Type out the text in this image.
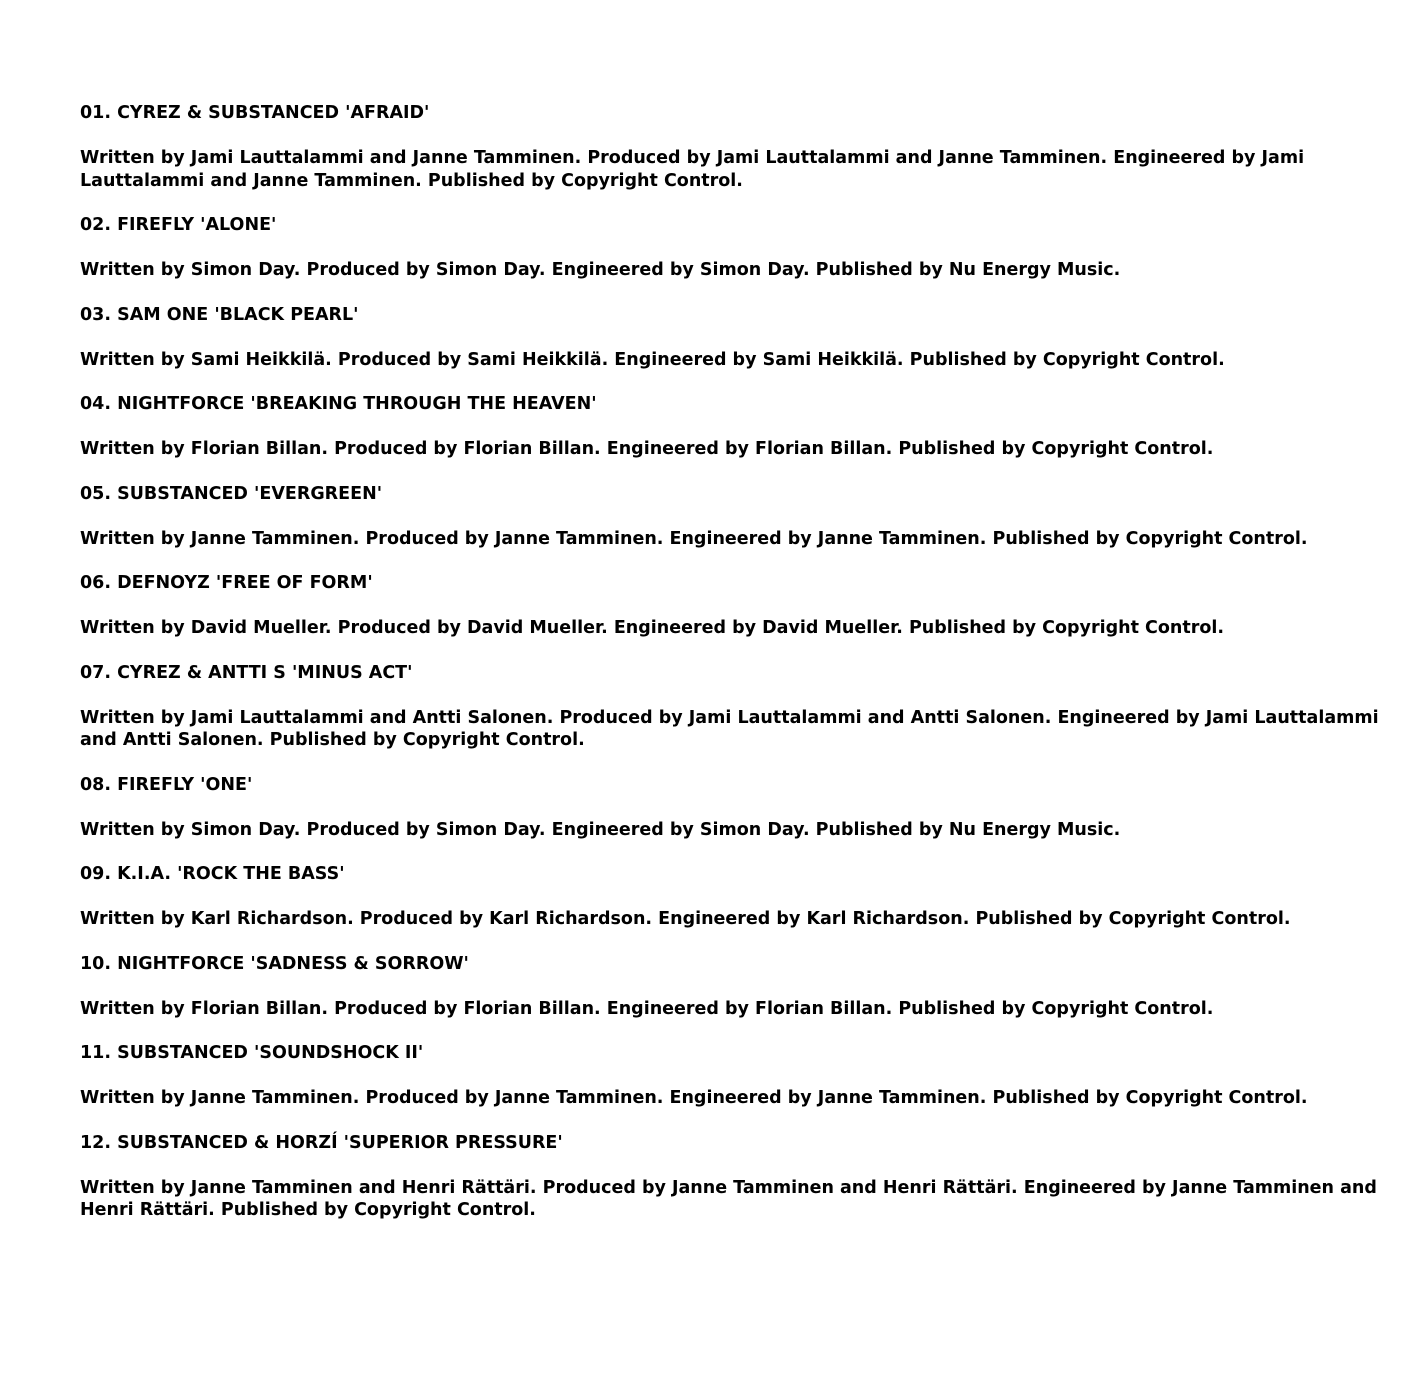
01. CYREZ & SUBSTANCED 'AFRAID'

Written by Jami Lauttalammi and Janne Tamminen. Produced by Jami Lauttalammi and Janne Tamminen. Engineered by Jami Lauttalammi and Janne Tamminen. Published by Copyright Control.

02. FIREFLY 'ALONE'

Written by Simon Day. Produced by Simon Day. Engineered by Simon Day. Published by Nu Energy Music.

03. SAM ONE 'BLACK PEARL'

Written by Sami Heikkilä. Produced by Sami Heikkilä. Engineered by Sami Heikkilä. Published by Copyright Control.

04. NIGHTFORCE 'BREAKING THROUGH THE HEAVEN'

Written by Florian Billan. Produced by Florian Billan. Engineered by Florian Billan. Published by Copyright Control.

05. SUBSTANCED 'EVERGREEN'

Written by Janne Tamminen. Produced by Janne Tamminen. Engineered by Janne Tamminen. Published by Copyright Control.

06. DEFNOYZ 'FREE OF FORM'

Written by David Mueller. Produced by David Mueller. Engineered by David Mueller. Published by Copyright Control.

07. CYREZ & ANTTI S 'MINUS ACT'

Written by Jami Lauttalammi and Antti Salonen. Produced by Jami Lauttalammi and Antti Salonen. Engineered by Jami Lauttalammi and Antti Salonen. Published by Copyright Control.

08. FIREFLY 'ONE'

Written by Simon Day. Produced by Simon Day. Engineered by Simon Day. Published by Nu Energy Music.

09. K.I.A. 'ROCK THE BASS'

Written by Karl Richardson. Produced by Karl Richardson. Engineered by Karl Richardson. Published by Copyright Control.

10. NIGHTFORCE 'SADNESS & SORROW'

Written by Florian Billan. Produced by Florian Billan. Engineered by Florian Billan. Published by Copyright Control.

11. SUBSTANCED 'SOUNDSHOCK II'

Written by Janne Tamminen. Produced by Janne Tamminen. Engineered by Janne Tamminen. Published by Copyright Control.

12. SUBSTANCED & HORZÍ 'SUPERIOR PRESSURE'

Written by Janne Tamminen and Henri Rättäri. Produced by Janne Tamminen and Henri Rättäri. Engineered by Janne Tamminen and Henri Rättäri. Published by Copyright Control.
